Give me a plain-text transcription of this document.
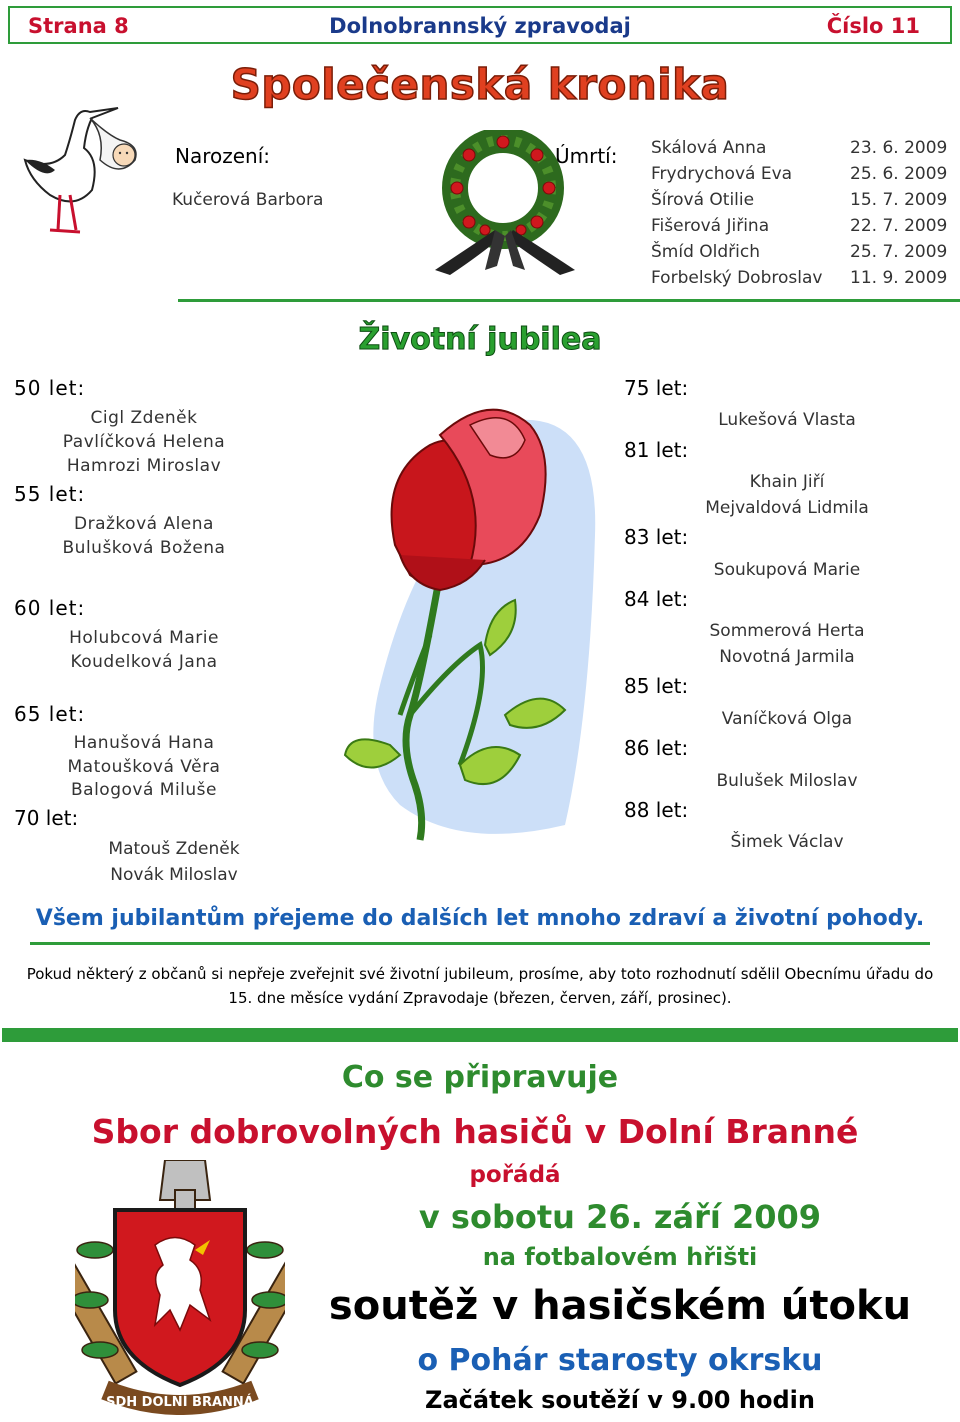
Strana 8	Dolnobrannský zpravodaj	Číslo 11
Společenská kronika
Narození:
Kučerová Barbora
Úmrtí: Skálová Anna	23. 6. 2009
Frydrychová Eva	25. 6. 2009
Šírová Otilie	15. 7. 2009
Fišerová Jiřina	22. 7. 2009
Šmíd Oldřich	25. 7. 2009
Forbelský Dobroslav 11. 9. 2009
Životní jubilea
50 let:
Cigl Zdeněk
Pavlíčková Helena
Hamrozi Miroslav
55 let:
Dražková Alena
Bulušková Božena
60 let:
Holubcová Marie
Koudelková Jana
65 let:
Hanušová Hana
Matoušková Věra
Balogová Miluše
70 let:
Matouš Zdeněk
Novák Miloslav
75 let:
Lukešová Vlasta
81 let:
Khain Jiří
Mejvaldová Lidmila
83 let:
Soukupová Marie
84 let:
Sommerová Herta
Novotná Jarmila
85 let:
Vaníčková Olga
86 let:
Bulušek Miloslav
88 let:
Šimek Václav
Všem jubilantům přejeme do dalších let mnoho zdraví a životní pohody.
Pokud některý z občanů si nepřeje zveřejnit své životní jubileum, prosíme, aby toto rozhodnutí sdělil Obecnímu úřadu do 15. dne měsíce vydání Zpravodaje (březen, červen, září, prosinec).
Co se připravuje
Sbor dobrovolných hasičů v Dolní Branné
pořádá
v sobotu 26. září 2009
na fotbalovém hřišti
soutěž v hasičském útoku
o Pohár starosty okrsku
Začátek soutěží v 9.00 hodin
SDH DOLNÍ BRANNÁ
